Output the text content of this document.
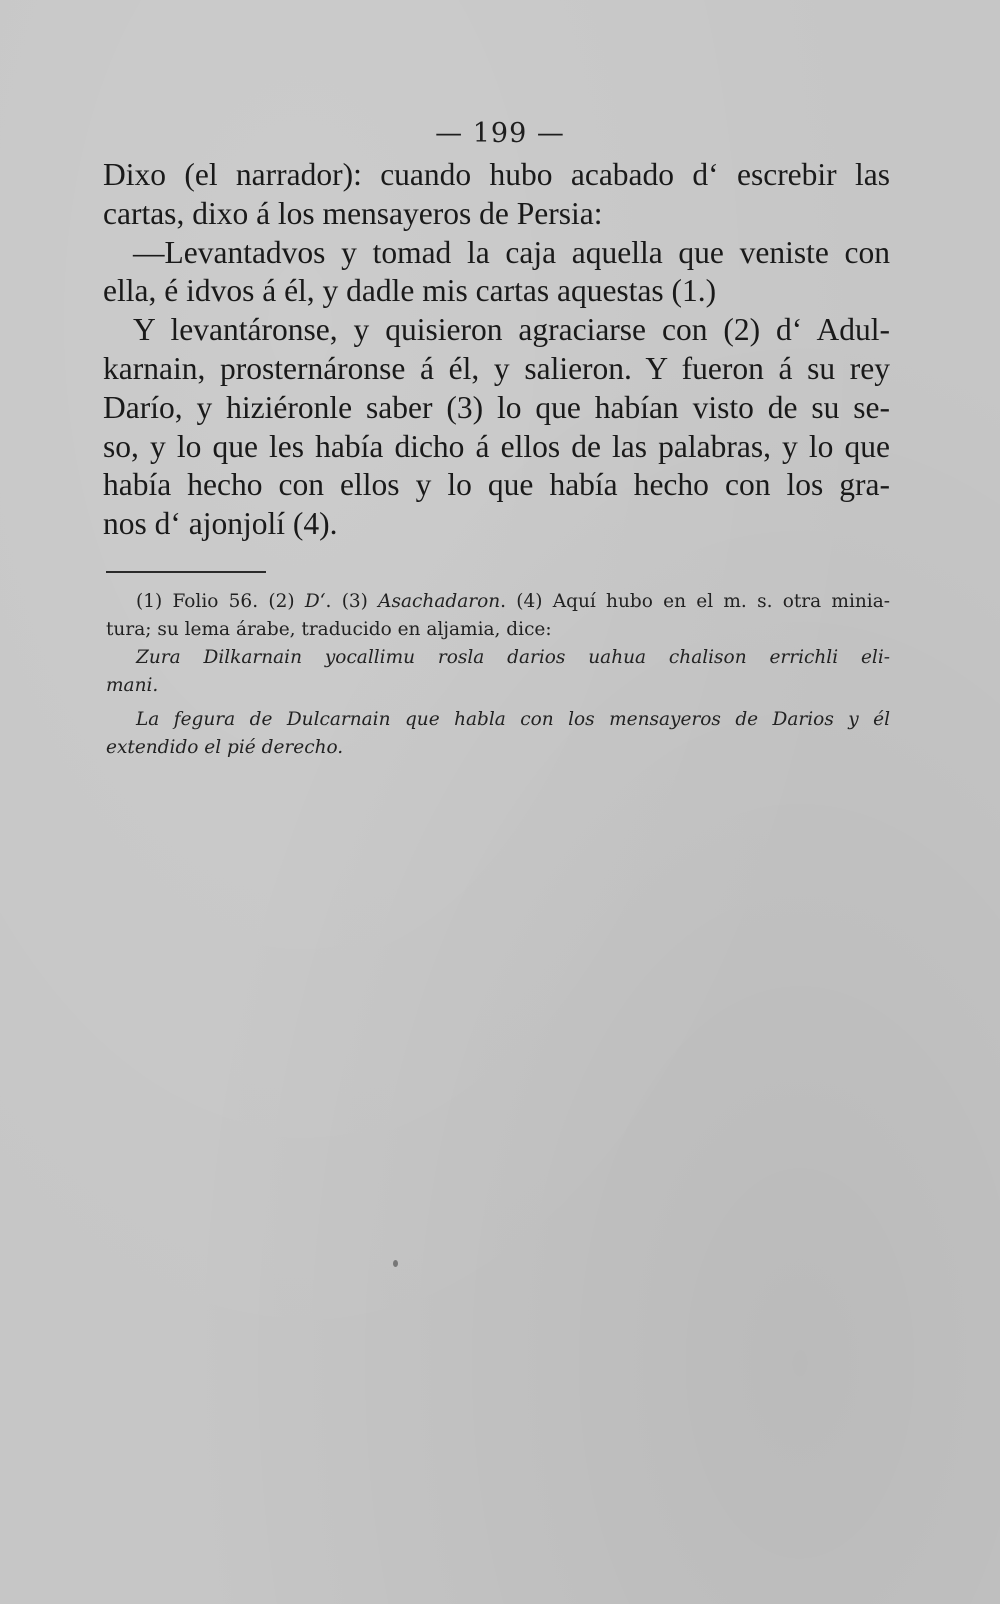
— 199 —
Dixo (el narrador): cuando hubo acabado d‘ escrebir las
cartas, dixo á los mensayeros de Persia:
—Levantadvos y tomad la caja aquella que veniste con
ella, é idvos á él, y dadle mis cartas aquestas (1.)
Y levantáronse, y quisieron agraciarse con (2) d‘ Adul-
karnain, prosternáronse á él, y salieron. Y fueron á su rey
Darío, y hiziéronle saber (3) lo que habían visto de su se-
so, y lo que les había dicho á ellos de las palabras, y lo que
había hecho con ellos y lo que había hecho con los gra-
nos d‘ ajonjolí (4).
(1) Folio 56. (2) D‘. (3) Asachadaron. (4) Aquí hubo en el m. s. otra minia-
tura; su lema árabe, traducido en aljamia, dice:
Zura Dilkarnain yocallimu rosla darios uahua chalison errichli eli-
mani.
La fegura de Dulcarnain que habla con los mensayeros de Darios y él
extendido el pié derecho.
